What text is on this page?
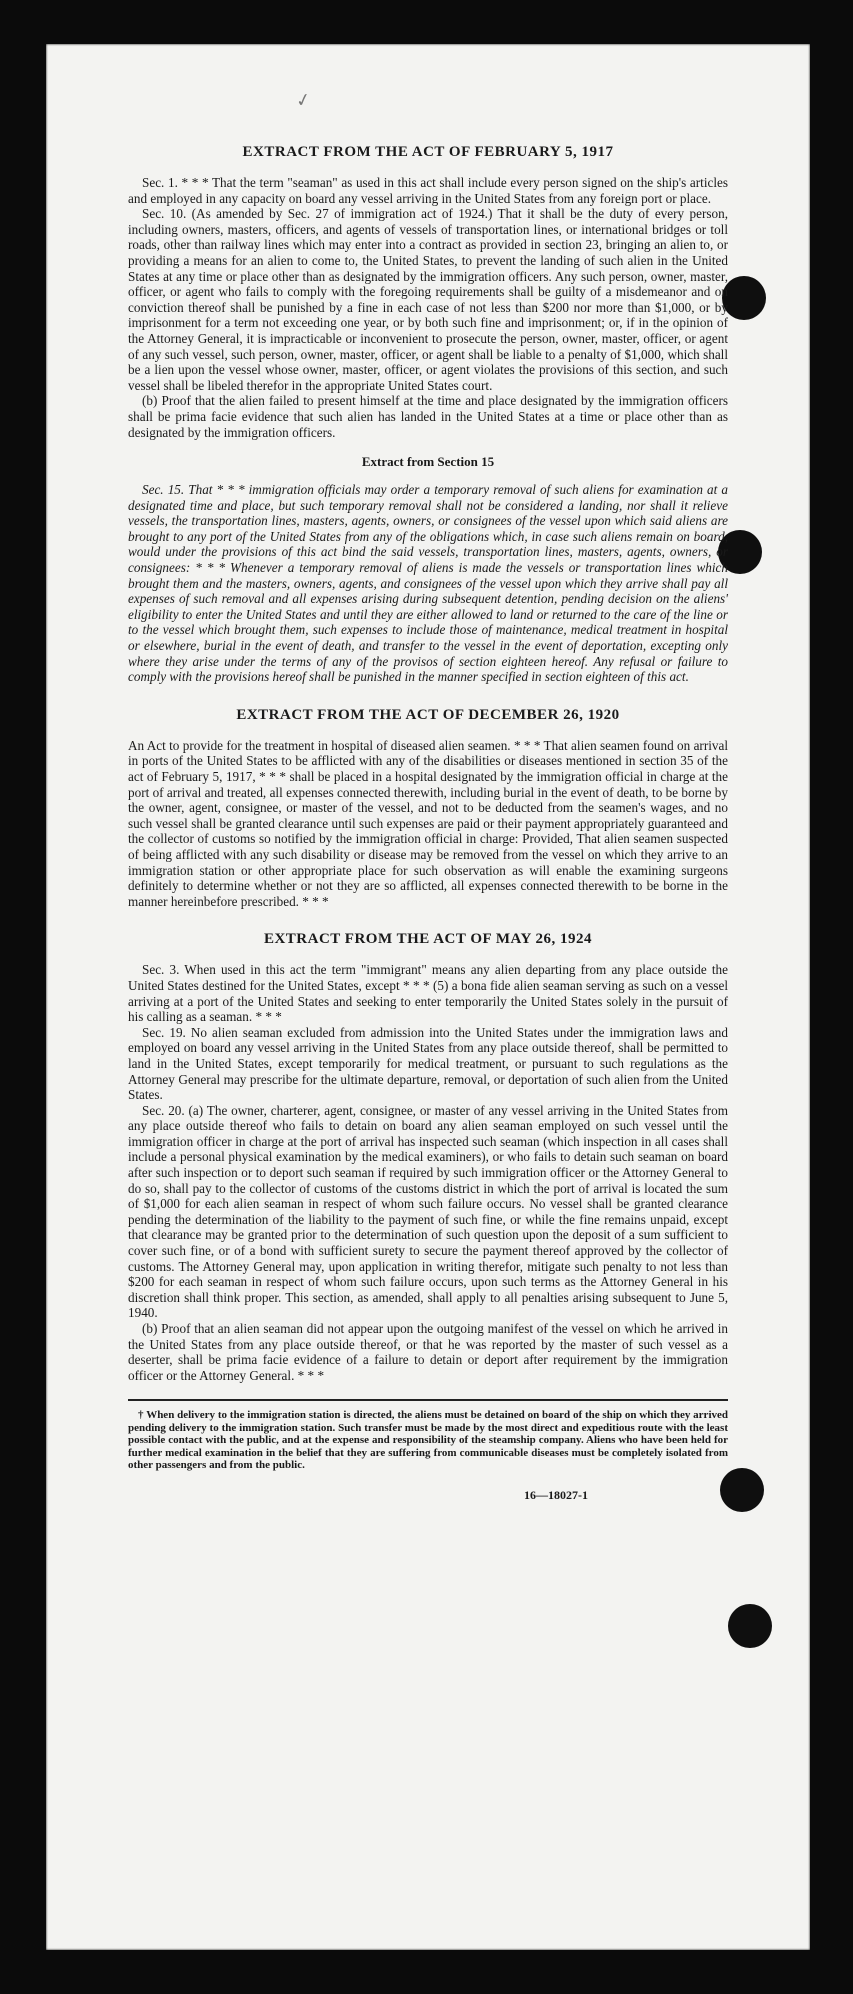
✓
EXTRACT FROM THE ACT OF FEBRUARY 5, 1917

Sec. 1. * * * That the term "seaman" as used in this act shall include every person signed on the ship's articles and employed in any capacity on board any vessel arriving in the United States from any foreign port or place.

Sec. 10. (As amended by Sec. 27 of immigration act of 1924.) That it shall be the duty of every person, including owners, masters, officers, and agents of vessels of transportation lines, or international bridges or toll roads, other than railway lines which may enter into a contract as provided in section 23, bringing an alien to, or providing a means for an alien to come to, the United States, to prevent the landing of such alien in the United States at any time or place other than as designated by the immigration officers. Any such person, owner, master, officer, or agent who fails to comply with the foregoing requirements shall be guilty of a misdemeanor and on conviction thereof shall be punished by a fine in each case of not less than $200 nor more than $1,000, or by imprisonment for a term not exceeding one year, or by both such fine and imprisonment; or, if in the opinion of the Attorney General, it is impracticable or inconvenient to prosecute the person, owner, master, officer, or agent of any such vessel, such person, owner, master, officer, or agent shall be liable to a penalty of $1,000, which shall be a lien upon the vessel whose owner, master, officer, or agent violates the provisions of this section, and such vessel shall be libeled therefor in the appropriate United States court.

(b) Proof that the alien failed to present himself at the time and place designated by the immigration officers shall be prima facie evidence that such alien has landed in the United States at a time or place other than as designated by the immigration officers.

Extract from Section 15

Sec. 15. That * * * immigration officials may order a temporary removal of such aliens for examination at a designated time and place, but such temporary removal shall not be considered a landing, nor shall it relieve vessels, the transportation lines, masters, agents, owners, or consignees of the vessel upon which said aliens are brought to any port of the United States from any of the obligations which, in case such aliens remain on board, would under the provisions of this act bind the said vessels, transportation lines, masters, agents, owners, or consignees: * * * Whenever a temporary removal of aliens is made the vessels or transportation lines which brought them and the masters, owners, agents, and consignees of the vessel upon which they arrive shall pay all expenses of such removal and all expenses arising during subsequent detention, pending decision on the aliens' eligibility to enter the United States and until they are either allowed to land or returned to the care of the line or to the vessel which brought them, such expenses to include those of maintenance, medical treatment in hospital or elsewhere, burial in the event of death, and transfer to the vessel in the event of deportation, excepting only where they arise under the terms of any of the provisos of section eighteen hereof. Any refusal or failure to comply with the provisions hereof shall be punished in the manner specified in section eighteen of this act.

EXTRACT FROM THE ACT OF DECEMBER 26, 1920

An Act to provide for the treatment in hospital of diseased alien seamen. * * * That alien seamen found on arrival in ports of the United States to be afflicted with any of the disabilities or diseases mentioned in section 35 of the act of February 5, 1917, * * * shall be placed in a hospital designated by the immigration official in charge at the port of arrival and treated, all expenses connected therewith, including burial in the event of death, to be borne by the owner, agent, consignee, or master of the vessel, and not to be deducted from the seamen's wages, and no such vessel shall be granted clearance until such expenses are paid or their payment appropriately guaranteed and the collector of customs so notified by the immigration official in charge: Provided, That alien seamen suspected of being afflicted with any such disability or disease may be removed from the vessel on which they arrive to an immigration station or other appropriate place for such observation as will enable the examining surgeons definitely to determine whether or not they are so afflicted, all expenses connected therewith to be borne in the manner hereinbefore prescribed. * * *

EXTRACT FROM THE ACT OF MAY 26, 1924

Sec. 3. When used in this act the term "immigrant" means any alien departing from any place outside the United States destined for the United States, except * * * (5) a bona fide alien seaman serving as such on a vessel arriving at a port of the United States and seeking to enter temporarily the United States solely in the pursuit of his calling as a seaman. * * *

Sec. 19. No alien seaman excluded from admission into the United States under the immigration laws and employed on board any vessel arriving in the United States from any place outside thereof, shall be permitted to land in the United States, except temporarily for medical treatment, or pursuant to such regulations as the Attorney General may prescribe for the ultimate departure, removal, or deportation of such alien from the United States.

Sec. 20. (a) The owner, charterer, agent, consignee, or master of any vessel arriving in the United States from any place outside thereof who fails to detain on board any alien seaman employed on such vessel until the immigration officer in charge at the port of arrival has inspected such seaman (which inspection in all cases shall include a personal physical examination by the medical examiners), or who fails to detain such seaman on board after such inspection or to deport such seaman if required by such immigration officer or the Attorney General to do so, shall pay to the collector of customs of the customs district in which the port of arrival is located the sum of $1,000 for each alien seaman in respect of whom such failure occurs. No vessel shall be granted clearance pending the determination of the liability to the payment of such fine, or while the fine remains unpaid, except that clearance may be granted prior to the determination of such question upon the deposit of a sum sufficient to cover such fine, or of a bond with sufficient surety to secure the payment thereof approved by the collector of customs. The Attorney General may, upon application in writing therefor, mitigate such penalty to not less than $200 for each seaman in respect of whom such failure occurs, upon such terms as the Attorney General in his discretion shall think proper. This section, as amended, shall apply to all penalties arising subsequent to June 5, 1940.

(b) Proof that an alien seaman did not appear upon the outgoing manifest of the vessel on which he arrived in the United States from any place outside thereof, or that he was reported by the master of such vessel as a deserter, shall be prima facie evidence of a failure to detain or deport after requirement by the immigration officer or the Attorney General. * * *

† When delivery to the immigration station is directed, the aliens must be detained on board of the ship on which they arrived pending delivery to the immigration station. Such transfer must be made by the most direct and expeditious route with the least possible contact with the public, and at the expense and responsibility of the steamship company. Aliens who have been held for further medical examination in the belief that they are suffering from communicable diseases must be completely isolated from other passengers and from the public.

16—18027-1
